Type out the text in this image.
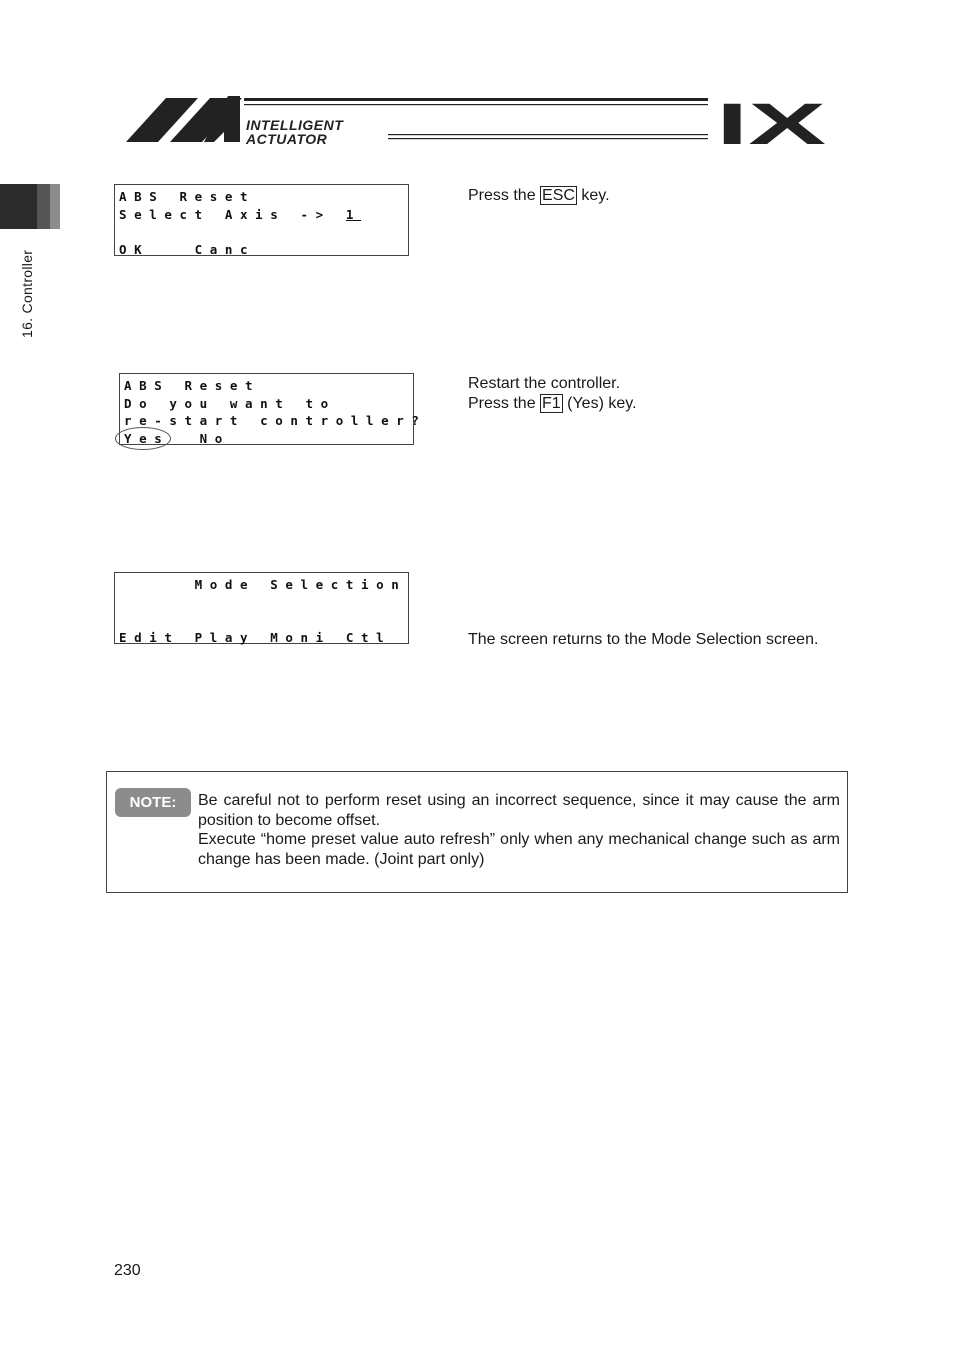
INTELLIGENT
ACTUATOR	IX
16. Controller
ABS Reset
Select Axis -> 1
OK   Canc
Press the ESC key.
ABS Reset
Do you want to
re-start controller?
Yes  No
Restart the controller.
Press the F1 (Yes) key.
Mode Selection
Edit Play Moni Ctl	The screen returns to the Mode Selection screen.
NOTE:	Be careful not to perform reset using an incorrect sequence, since it may cause the arm position to become offset.

Execute “home preset value auto refresh” only when any mechanical change such as arm change has been made. (Joint part only)

230
